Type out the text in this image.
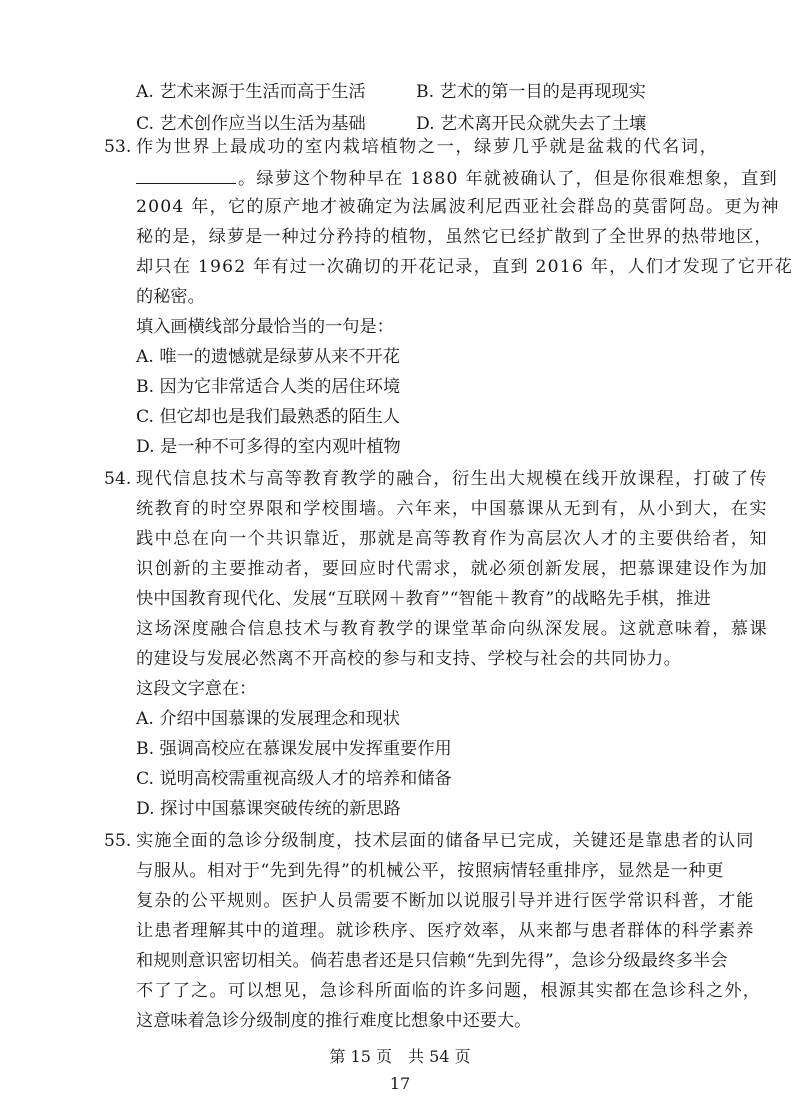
A. 艺术来源于生活而高于生活	B. 艺术的第一目的是再现现实
C. 艺术创作应当以生活为基础	D. 艺术离开民众就失去了土壤
53. 作为世界上最成功的室内栽培植物之一，绿萝几乎就是盆栽的代名词，
。绿萝这个物种早在 1880 年就被确认了，但是你很难想象，直到
2004 年，它的原产地才被确定为法属波利尼西亚社会群岛的莫雷阿岛。更为神
秘的是，绿萝是一种过分矜持的植物，虽然它已经扩散到了全世界的热带地区，
却只在 1962 年有过一次确切的开花记录，直到 2016 年，人们才发现了它开花
的秘密。
填入画横线部分最恰当的一句是：
A. 唯一的遗憾就是绿萝从来不开花
B. 因为它非常适合人类的居住环境
C. 但它却也是我们最熟悉的陌生人
D. 是一种不可多得的室内观叶植物
54. 现代信息技术与高等教育教学的融合，衍生出大规模在线开放课程，打破了传
统教育的时空界限和学校围墙。六年来，中国慕课从无到有，从小到大，在实
践中总在向一个共识靠近，那就是高等教育作为高层次人才的主要供给者，知
识创新的主要推动者，要回应时代需求，就必须创新发展，把慕课建设作为加
快中国教育现代化、发展“互联网＋教育”“智能＋教育”的战略先手棋，推进
这场深度融合信息技术与教育教学的课堂革命向纵深发展。这就意味着，慕课
的建设与发展必然离不开高校的参与和支持、学校与社会的共同协力。
这段文字意在：
A. 介绍中国慕课的发展理念和现状
B. 强调高校应在慕课发展中发挥重要作用
C. 说明高校需重视高级人才的培养和储备
D. 探讨中国慕课突破传统的新思路
55. 实施全面的急诊分级制度，技术层面的储备早已完成，关键还是靠患者的认同
与服从。相对于“先到先得”的机械公平，按照病情轻重排序，显然是一种更
复杂的公平规则。医护人员需要不断加以说服引导并进行医学常识科普，才能
让患者理解其中的道理。就诊秩序、医疗效率，从来都与患者群体的科学素养
和规则意识密切相关。倘若患者还是只信赖“先到先得”，急诊分级最终多半会
不了了之。可以想见，急诊科所面临的许多问题，根源其实都在急诊科之外，
这意味着急诊分级制度的推行难度比想象中还要大。
第 15 页　共 54 页
17
